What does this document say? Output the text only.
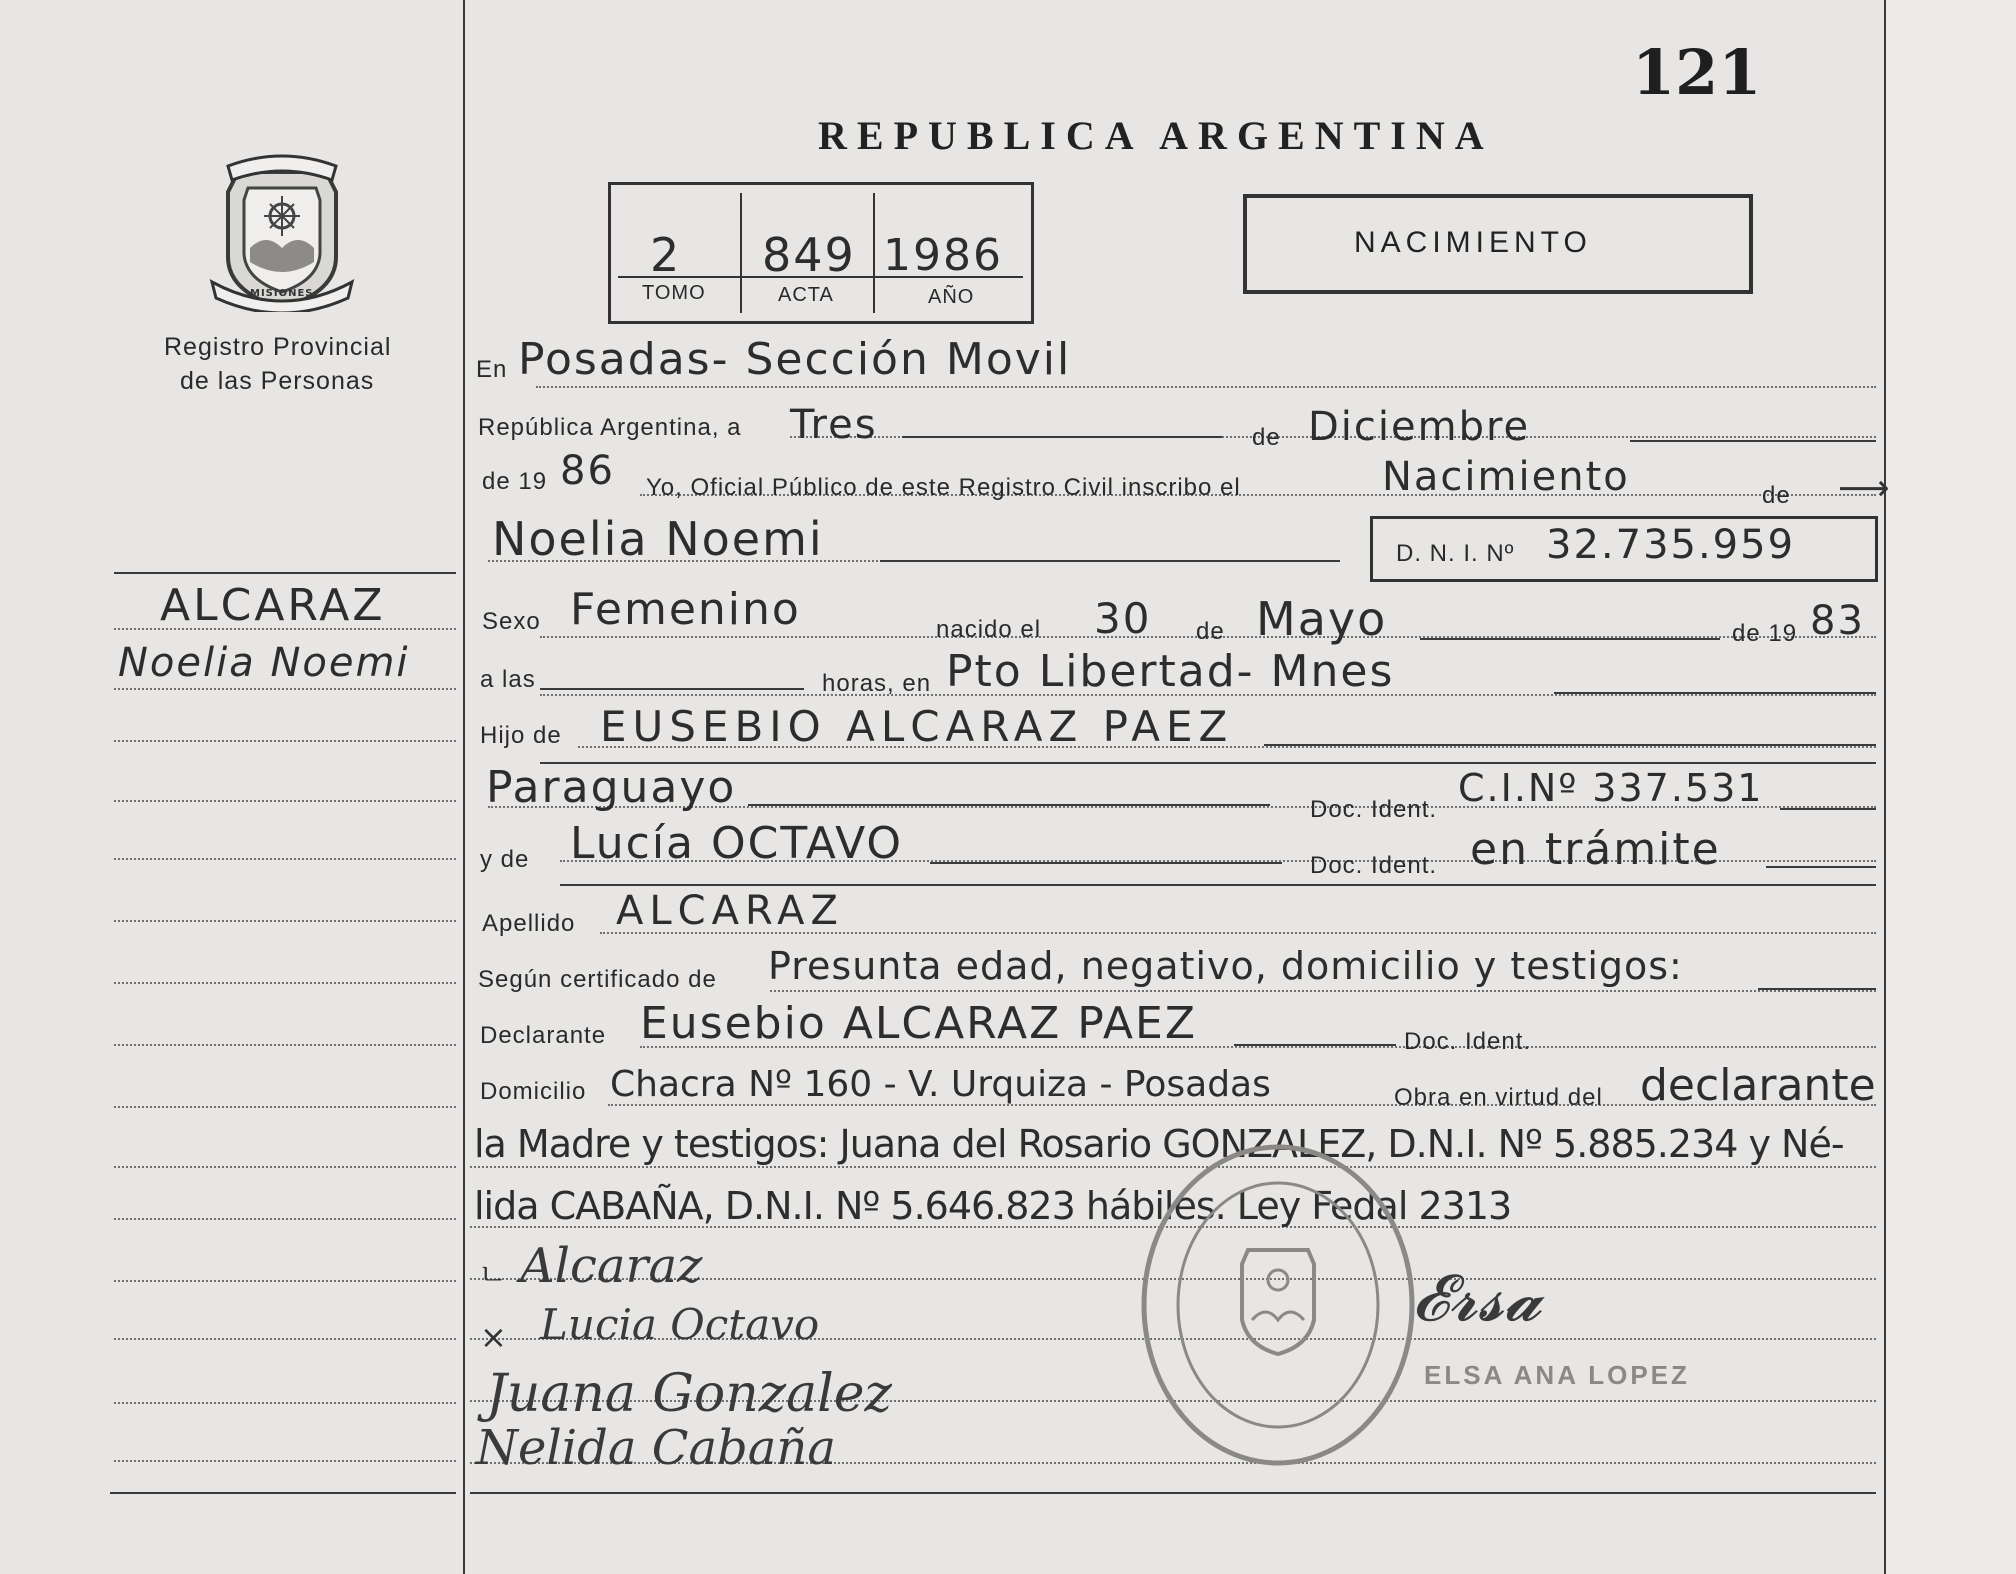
121
REPUBLICA ARGENTINA
2 849 1986
TOMO	ACTA	AÑO
NACIMIENTO
MISIONES
Registro Provincial
de las Personas
ALCARAZ
Noelia Noemi
En Posadas- Sección Movil
República Argentina, a Tres	de Diciembre
de 19 86 Yo, Oficial Público de este Registro Civil inscribo el	Nacimiento	de ⟶
Noelia Noemi	D. N. I. Nº 32.735.959
Sexo Femenino	nacido el 30 de Mayo	de 19 83
a las	horas, en Pto Libertad- Mnes
Hijo de EUSEBIO ALCARAZ PAEZ
Paraguayo	Doc. Ident. C.I.Nº 337.531
y de Lucía OCTAVO	Doc. Ident. en trámite
Apellido ALCARAZ
Según certificado de Presunta edad, negativo, domicilio y testigos:
Declarante Eusebio ALCARAZ PAEZ	Doc. Ident.
Domicilio Chacra Nº 160 - V. Urquiza - Posadas	Obra en virtud del declarante
la Madre y testigos: Juana del Rosario GONZALEZ, D.N.I. Nº 5.885.234 y Né-
lida CABAÑA, D.N.I. Nº 5.646.823 hábiles. Ley Fedal 2313
Alcaraz
ㄴ
Lucia Octavo
×
Juana Gonzalez
Nelida Cabaña
𝓔𝓻𝓼𝓪
ELSA ANA LOPEZ
